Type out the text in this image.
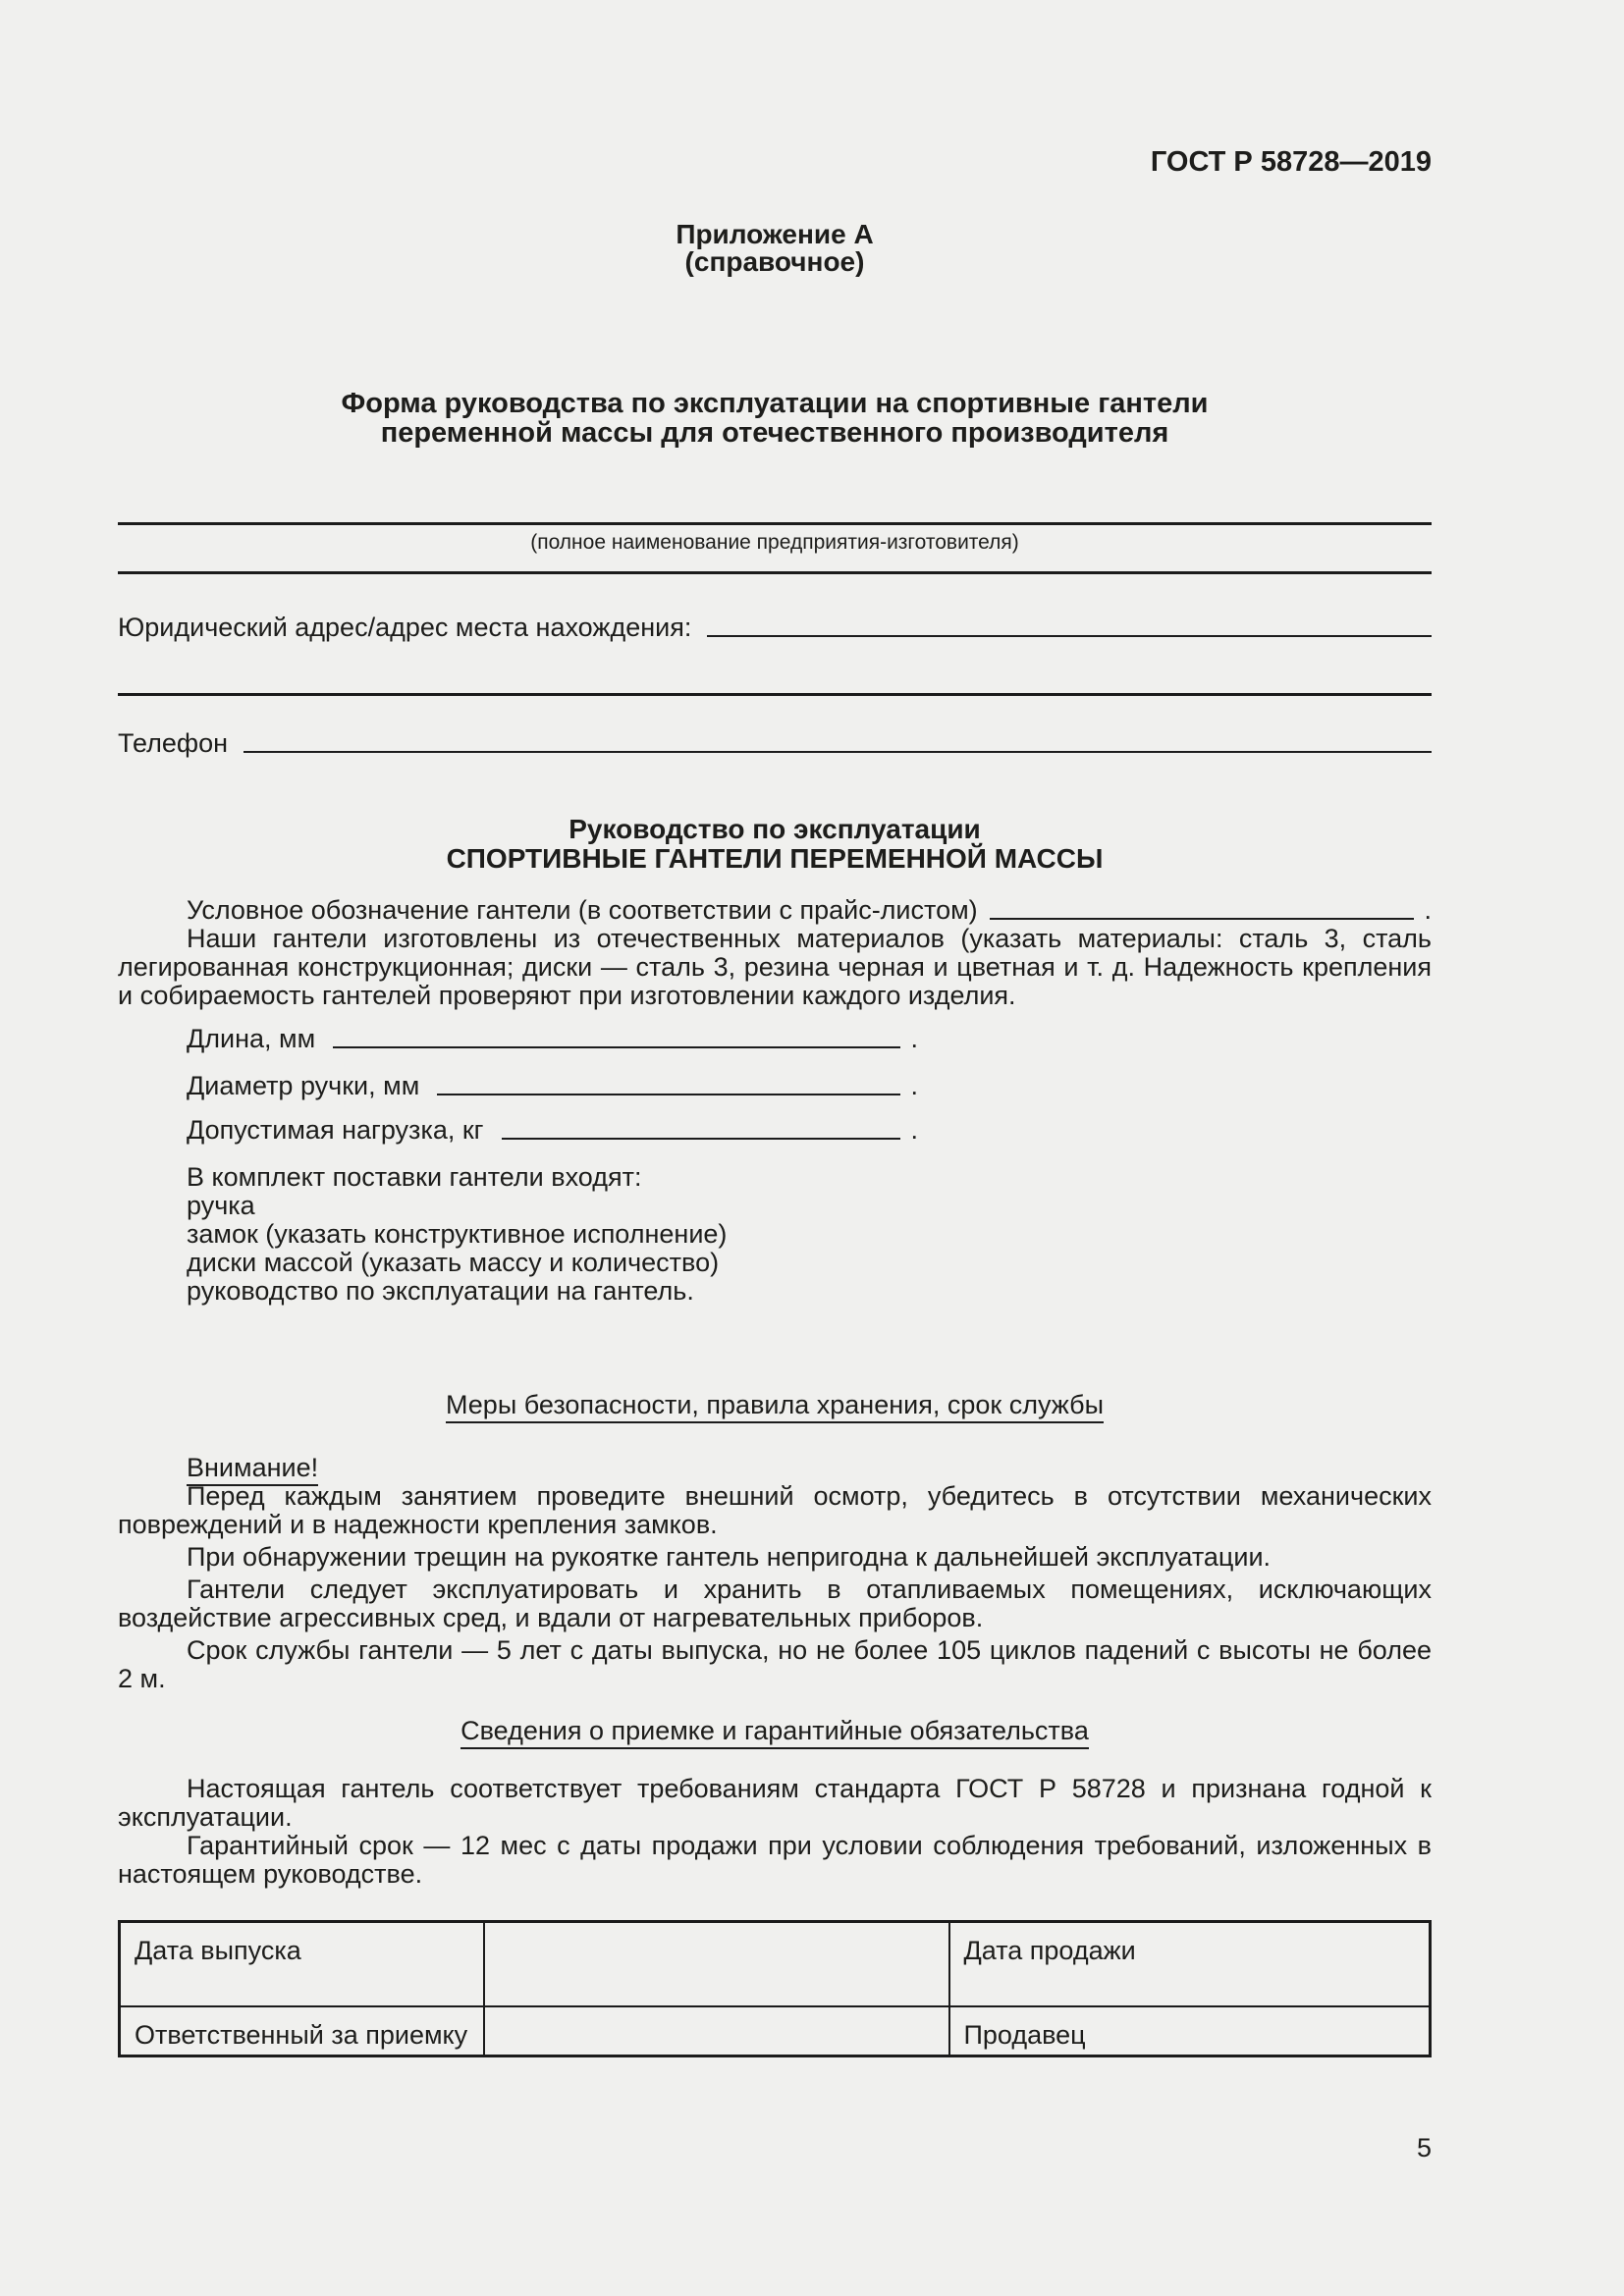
ГОСТ Р 58728—2019
Приложение А
(справочное)
Форма руководства по эксплуатации на спортивные гантели
переменной массы для отечественного производителя
(полное наименование предприятия-изготовителя)
Юридический адрес/адрес места нахождения:
Телефон
Руководство по эксплуатации
СПОРТИВНЫЕ ГАНТЕЛИ ПЕРЕМЕННОЙ МАССЫ
Условное обозначение гантели (в соответствии с прайс-листом)	.
Наши гантели изготовлены из отечественных материалов (указать материалы: сталь 3, сталь легированная конструкционная; диски — сталь 3, резина черная и цветная и т. д. Надежность крепления и собираемость гантелей проверяют при изготовлении каждого изделия.
Длина, мм	.
Диаметр ручки, мм	.
Допустимая нагрузка, кг	.
В комплект поставки гантели входят:
ручка
замок (указать конструктивное исполнение)
диски массой (указать массу и количество)
руководство по эксплуатации на гантель.
Меры безопасности, правила хранения, срок службы
Внимание!
Перед каждым занятием проведите внешний осмотр, убедитесь в отсутствии механических повреждений и в надежности крепления замков.
При обнаружении трещин на рукоятке гантель непригодна к дальнейшей эксплуатации.
Гантели следует эксплуатировать и хранить в отапливаемых помещениях, исключающих воздействие агрессивных сред, и вдали от нагревательных приборов.
Срок службы гантели — 5 лет с даты выпуска, но не более 105 циклов падений с высоты не более 2 м.
Сведения о приемке и гарантийные обязательства
Настоящая гантель соответствует требованиям стандарта ГОСТ Р 58728 и признана годной к эксплуатации.
Гарантийный срок — 12 мес с даты продажи при условии соблюдения требований, изложенных в настоящем руководстве.
Дата выпуска		Дата продажи
Ответственный за приемку		Продавец
5
